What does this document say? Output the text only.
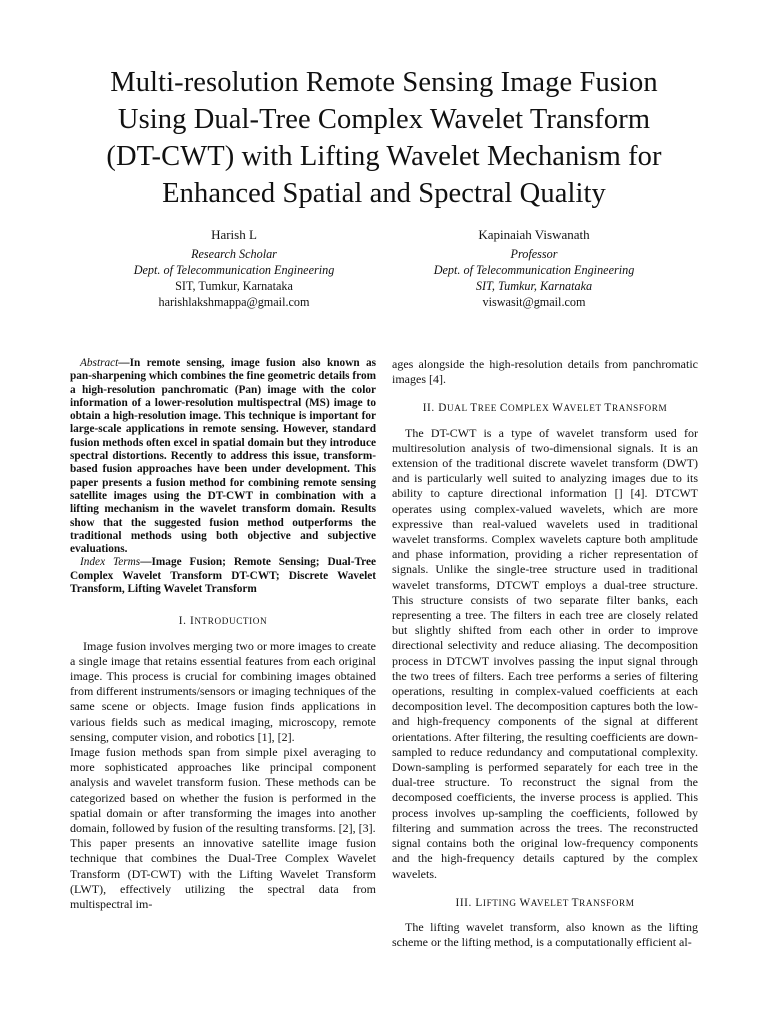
Multi-resolution Remote Sensing Image Fusion
Using Dual-Tree Complex Wavelet Transform
(DT-CWT) with Lifting Wavelet Mechanism for
Enhanced Spatial and Spectral Quality
Harish L
Research Scholar
Dept. of Telecommunication Engineering
SIT, Tumkur, Karnataka
harishlakshmappa@gmail.com
Kapinaiah Viswanath
Professor
Dept. of Telecommunication Engineering
SIT, Tumkur, Karnataka
viswasit@gmail.com

Abstract—In remote sensing, image fusion also known as pan-sharpening which combines the fine geometric details from a high-resolution panchromatic (Pan) image with the color information of a lower-resolution multispectral (MS) image to obtain a high-resolution image. This technique is important for large-scale applications in remote sensing. However, standard fusion methods often excel in spatial domain but they introduce spectral distortions. Recently to address this issue, transform-based fusion approaches have been under development. This paper presents a fusion method for combining remote sensing satellite images using the DT-CWT in combination with a lifting mechanism in the wavelet transform domain. Results show that the suggested fusion method outperforms the traditional methods using both objective and subjective evaluations.

Index Terms—Image Fusion; Remote Sensing; Dual-Tree Complex Wavelet Transform DT-CWT; Discrete Wavelet Transform, Lifting Wavelet Transform

I. INTRODUCTION

Image fusion involves merging two or more images to create a single image that retains essential features from each original image. This process is crucial for combining images obtained from different instruments/sensors or imaging techniques of the same scene or objects. Image fusion finds applications in various fields such as medical imaging, microscopy, remote sensing, computer vision, and robotics [1], [2].

Image fusion methods span from simple pixel averaging to more sophisticated approaches like principal component analysis and wavelet transform fusion. These methods can be categorized based on whether the fusion is performed in the spatial domain or after transforming the images into another domain, followed by fusion of the resulting transforms. [2], [3].

This paper presents an innovative satellite image fusion technique that combines the Dual-Tree Complex Wavelet Transform (DT-CWT) with the Lifting Wavelet Transform (LWT), effectively utilizing the spectral data from multispectral im-

ages alongside the high-resolution details from panchromatic images [4].

II. DUAL TREE COMPLEX WAVELET TRANSFORM

The DT-CWT is a type of wavelet transform used for multiresolution analysis of two-dimensional signals. It is an extension of the traditional discrete wavelet transform (DWT) and is particularly well suited to analyzing images due to its ability to capture directional information [] [4]. DTCWT operates using complex-valued wavelets, which are more expressive than real-valued wavelets used in traditional wavelet transforms. Complex wavelets capture both amplitude and phase information, providing a richer representation of signals. Unlike the single-tree structure used in traditional wavelet transforms, DTCWT employs a dual-tree structure. This structure consists of two separate filter banks, each representing a tree. The filters in each tree are closely related but slightly shifted from each other in order to improve directional selectivity and reduce aliasing. The decomposition process in DTCWT involves passing the input signal through the two trees of filters. Each tree performs a series of filtering operations, resulting in complex-valued coefficients at each decomposition level. The decomposition captures both the low- and high-frequency components of the signal at different orientations. After filtering, the resulting coefficients are down-sampled to reduce redundancy and computational complexity. Down-sampling is performed separately for each tree in the dual-tree structure. To reconstruct the signal from the decomposed coefficients, the inverse process is applied. This process involves up-sampling the coefficients, followed by filtering and summation across the trees. The reconstructed signal contains both the original low-frequency components and the high-frequency details captured by the complex wavelets.

III. LIFTING WAVELET TRANSFORM

The lifting wavelet transform, also known as the lifting scheme or the lifting method, is a computationally efficient al-
